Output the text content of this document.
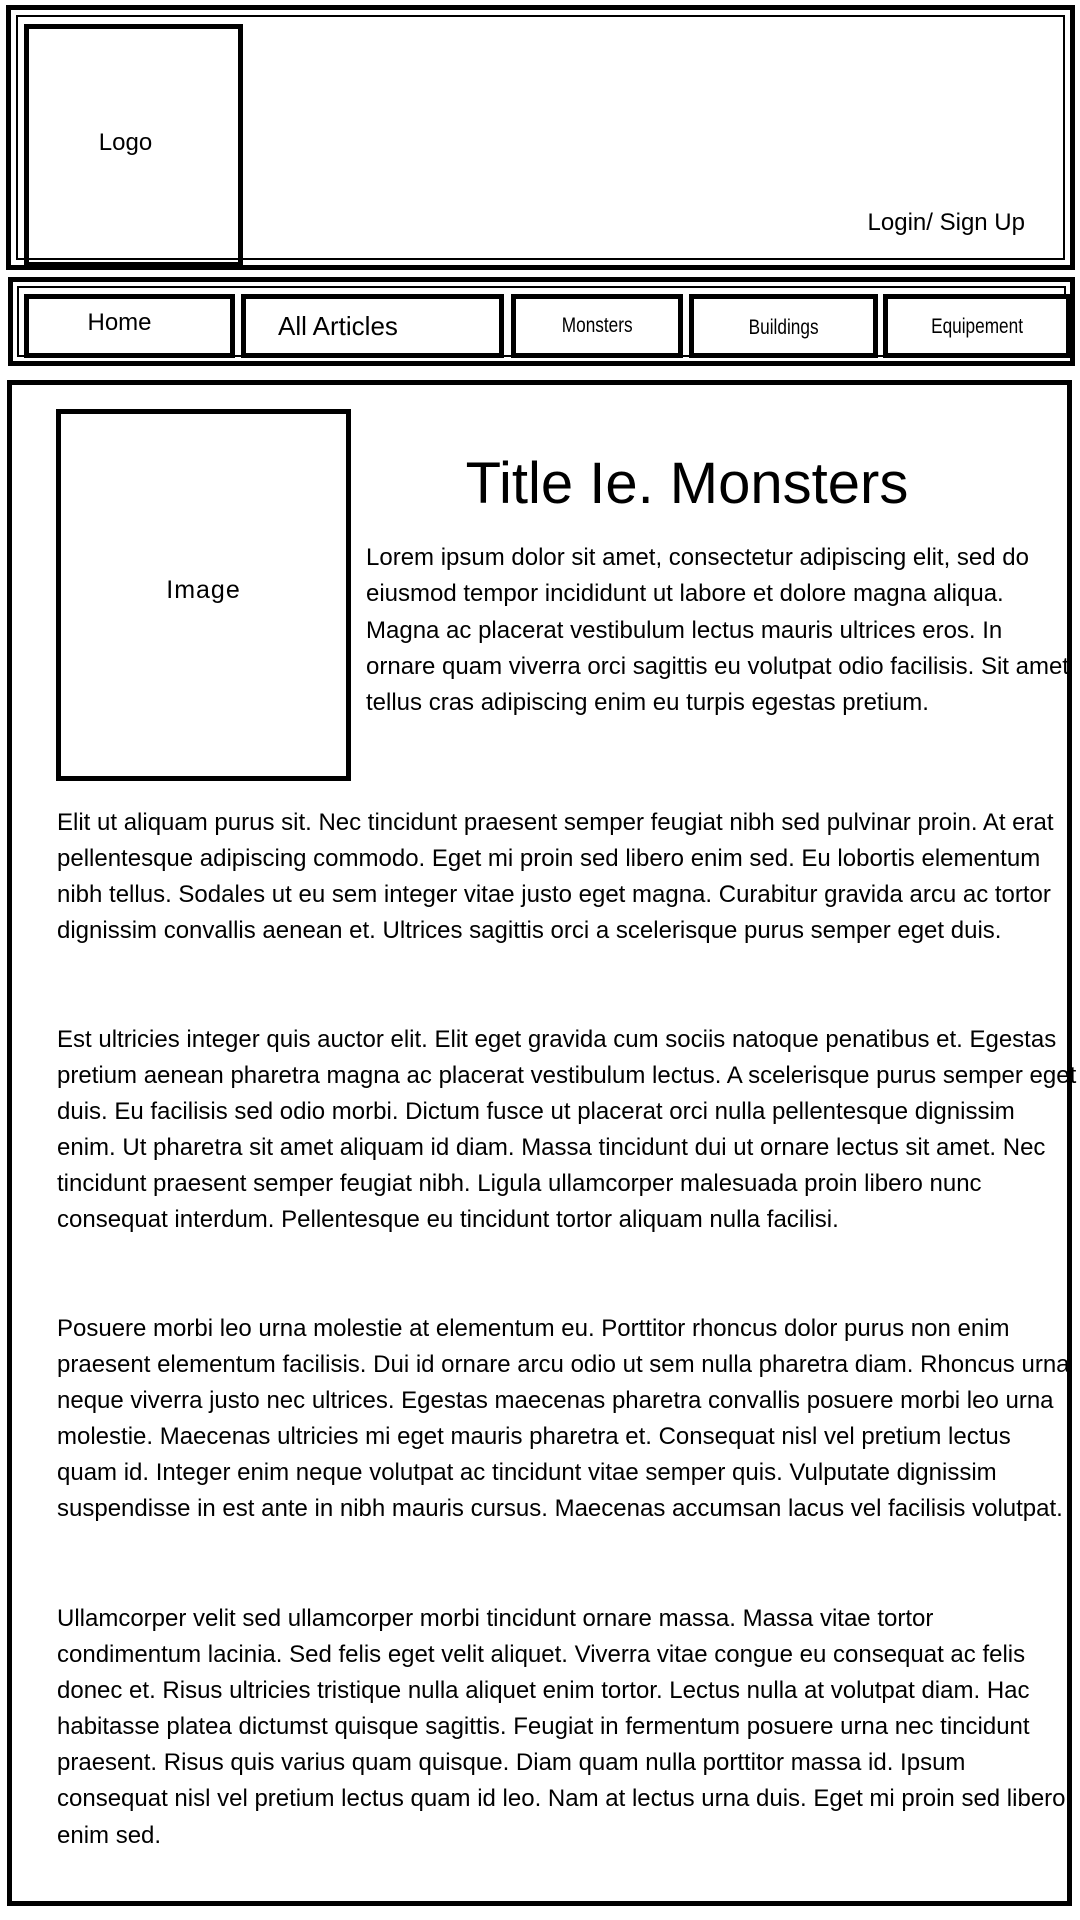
Logo
Login/ Sign Up
Home	All Articles	Monsters	Buildings	Equipement
Image
Title Ie. Monsters

Lorem ipsum dolor sit amet, consectetur adipiscing elit, sed do eiusmod tempor incididunt ut labore et dolore magna aliqua. Magna ac placerat vestibulum lectus mauris ultrices eros. In ornare quam viverra orci sagittis eu volutpat odio facilisis. Sit amet tellus cras adipiscing enim eu turpis egestas pretium.

Elit ut aliquam purus sit. Nec tincidunt praesent semper feugiat nibh sed pulvinar proin. At erat pellentesque adipiscing commodo. Eget mi proin sed libero enim sed. Eu lobortis elementum nibh tellus. Sodales ut eu sem integer vitae justo eget magna. Curabitur gravida arcu ac tortor dignissim convallis aenean et. Ultrices sagittis orci a scelerisque purus semper eget duis.

Est ultricies integer quis auctor elit. Elit eget gravida cum sociis natoque penatibus et. Egestas pretium aenean pharetra magna ac placerat vestibulum lectus. A scelerisque purus semper eget duis. Eu facilisis sed odio morbi. Dictum fusce ut placerat orci nulla pellentesque dignissim enim. Ut pharetra sit amet aliquam id diam. Massa tincidunt dui ut ornare lectus sit amet. Nec tincidunt praesent semper feugiat nibh. Ligula ullamcorper malesuada proin libero nunc consequat interdum. Pellentesque eu tincidunt tortor aliquam nulla facilisi.

Posuere morbi leo urna molestie at elementum eu. Porttitor rhoncus dolor purus non enim praesent elementum facilisis. Dui id ornare arcu odio ut sem nulla pharetra diam. Rhoncus urna neque viverra justo nec ultrices. Egestas maecenas pharetra convallis posuere morbi leo urna molestie. Maecenas ultricies mi eget mauris pharetra et. Consequat nisl vel pretium lectus quam id. Integer enim neque volutpat ac tincidunt vitae semper quis. Vulputate dignissim suspendisse in est ante in nibh mauris cursus. Maecenas accumsan lacus vel facilisis volutpat.

Ullamcorper velit sed ullamcorper morbi tincidunt ornare massa. Massa vitae tortor condimentum lacinia. Sed felis eget velit aliquet. Viverra vitae congue eu consequat ac felis donec et. Risus ultricies tristique nulla aliquet enim tortor. Lectus nulla at volutpat diam. Hac habitasse platea dictumst quisque sagittis. Feugiat in fermentum posuere urna nec tincidunt praesent. Risus quis varius quam quisque. Diam quam nulla porttitor massa id. Ipsum consequat nisl vel pretium lectus quam id leo. Nam at lectus urna duis. Eget mi proin sed libero enim sed.
